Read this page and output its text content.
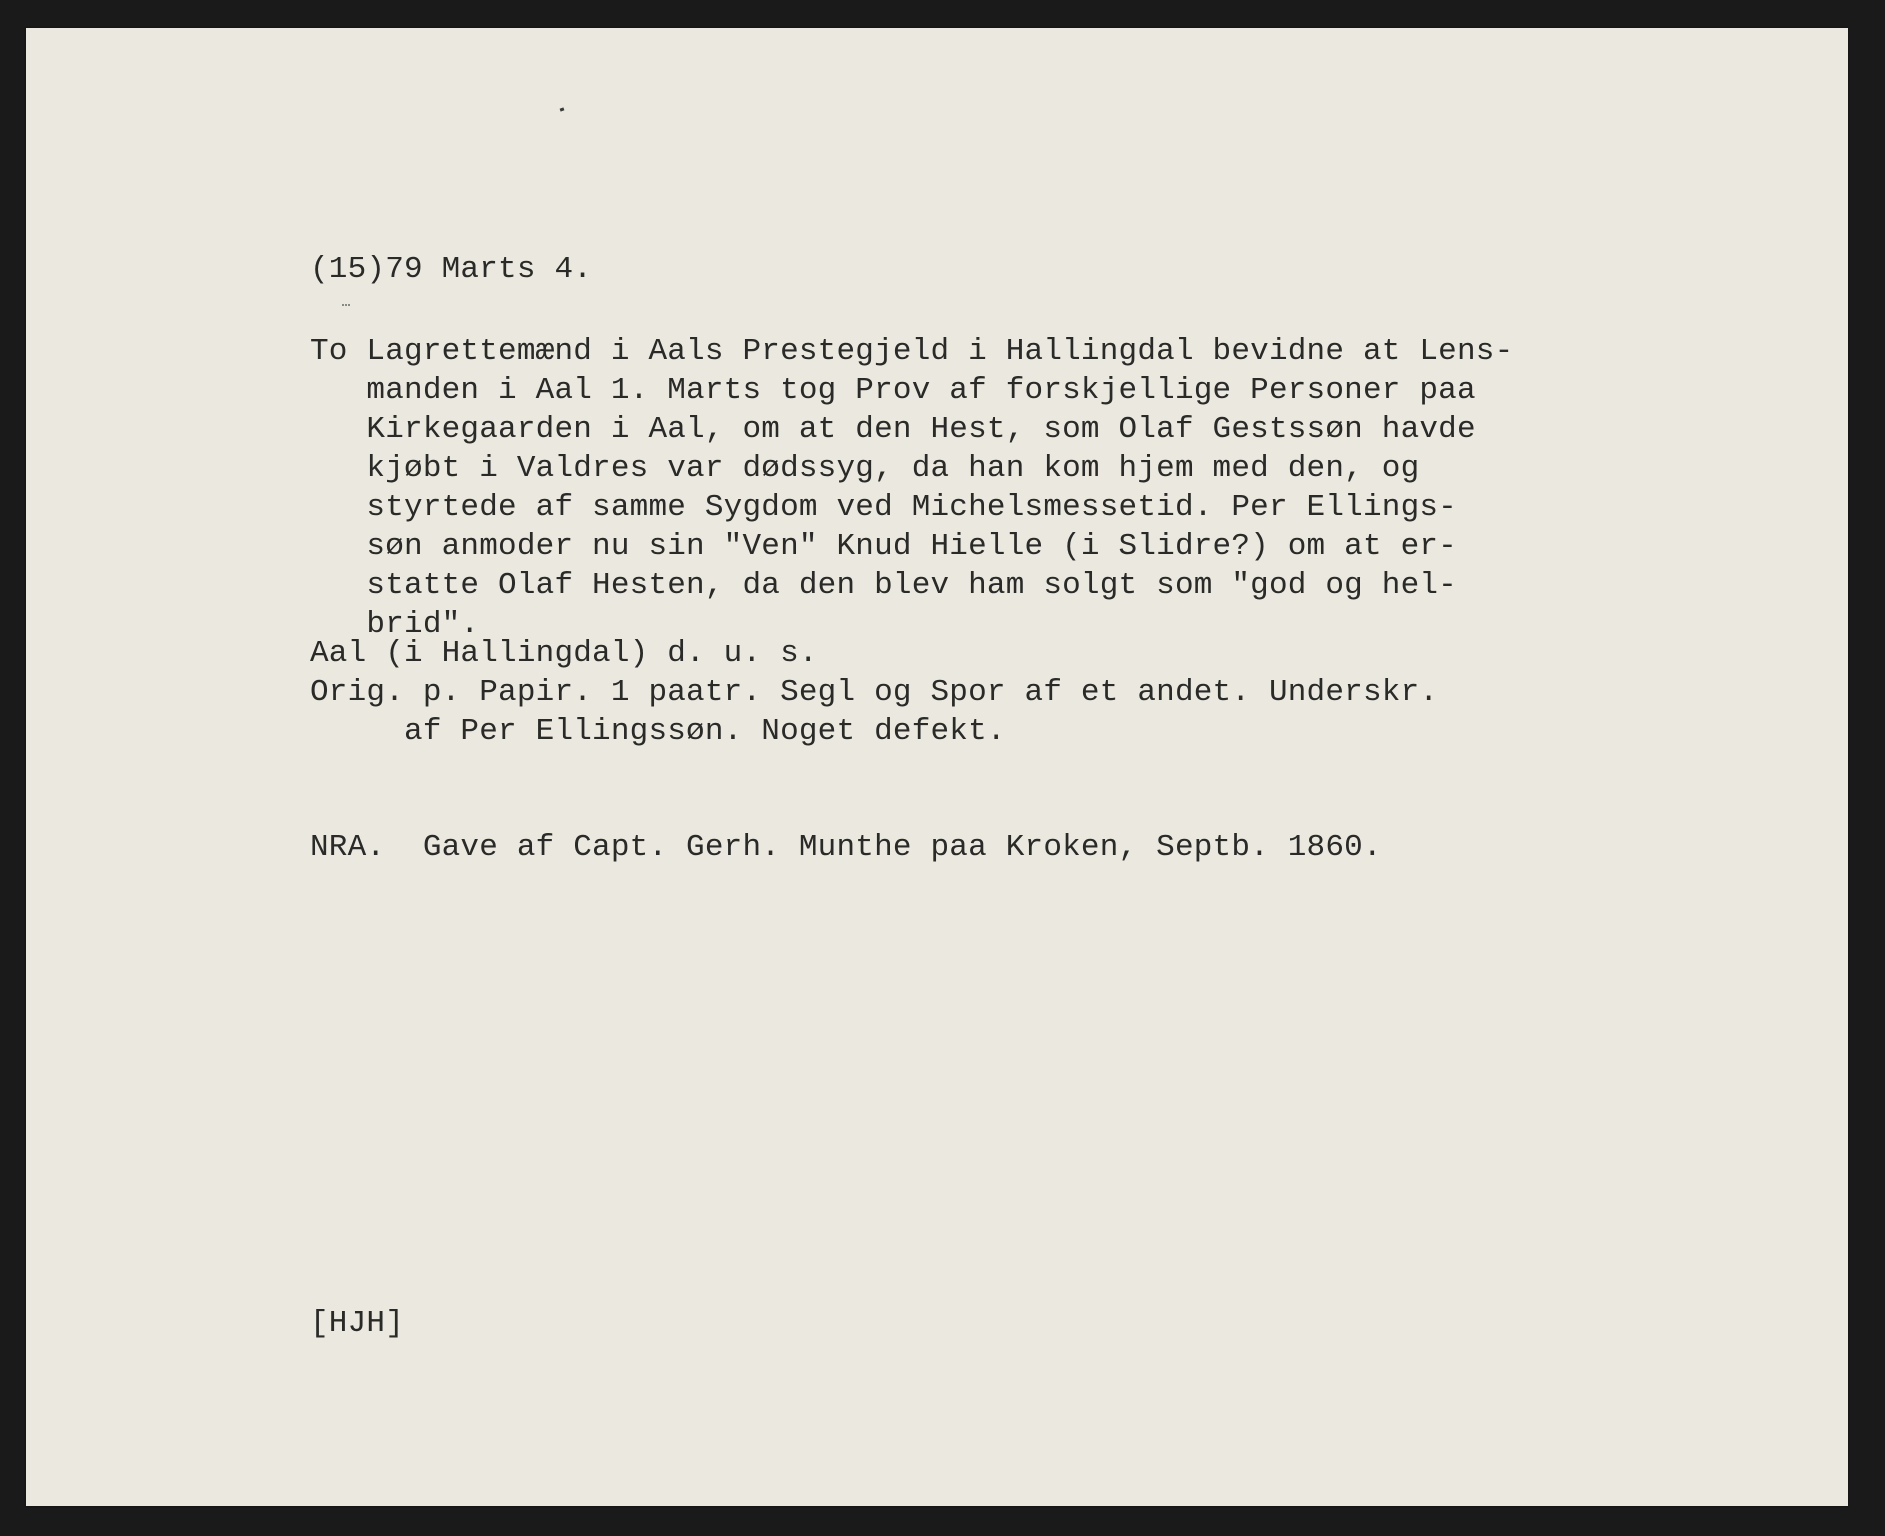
(15)79 Marts 4.

To Lagrettemænd i Aals Prestegjeld i Hallingdal bevidne at Lens-
manden i Aal 1. Marts tog Prov af forskjellige Personer paa
Kirkegaarden i Aal, om at den Hest, som Olaf Gestssøn havde
kjøbt i Valdres var dødssyg, da han kom hjem med den, og
styrtede af samme Sygdom ved Michelsmessetid. Per Ellings-
søn anmoder nu sin "Ven" Knud Hielle (i Slidre?) om at er-
statte Olaf Hesten, da den blev ham solgt som "god og hel-
brid".

Aal (i Hallingdal) d. u. s.

Orig. p. Papir. 1 paatr. Segl og Spor af et andet. Underskr.
af Per Ellingssøn. Noget defekt.

NRA.  Gave af Capt. Gerh. Munthe paa Kroken, Septb. 1860.

[HJH]
